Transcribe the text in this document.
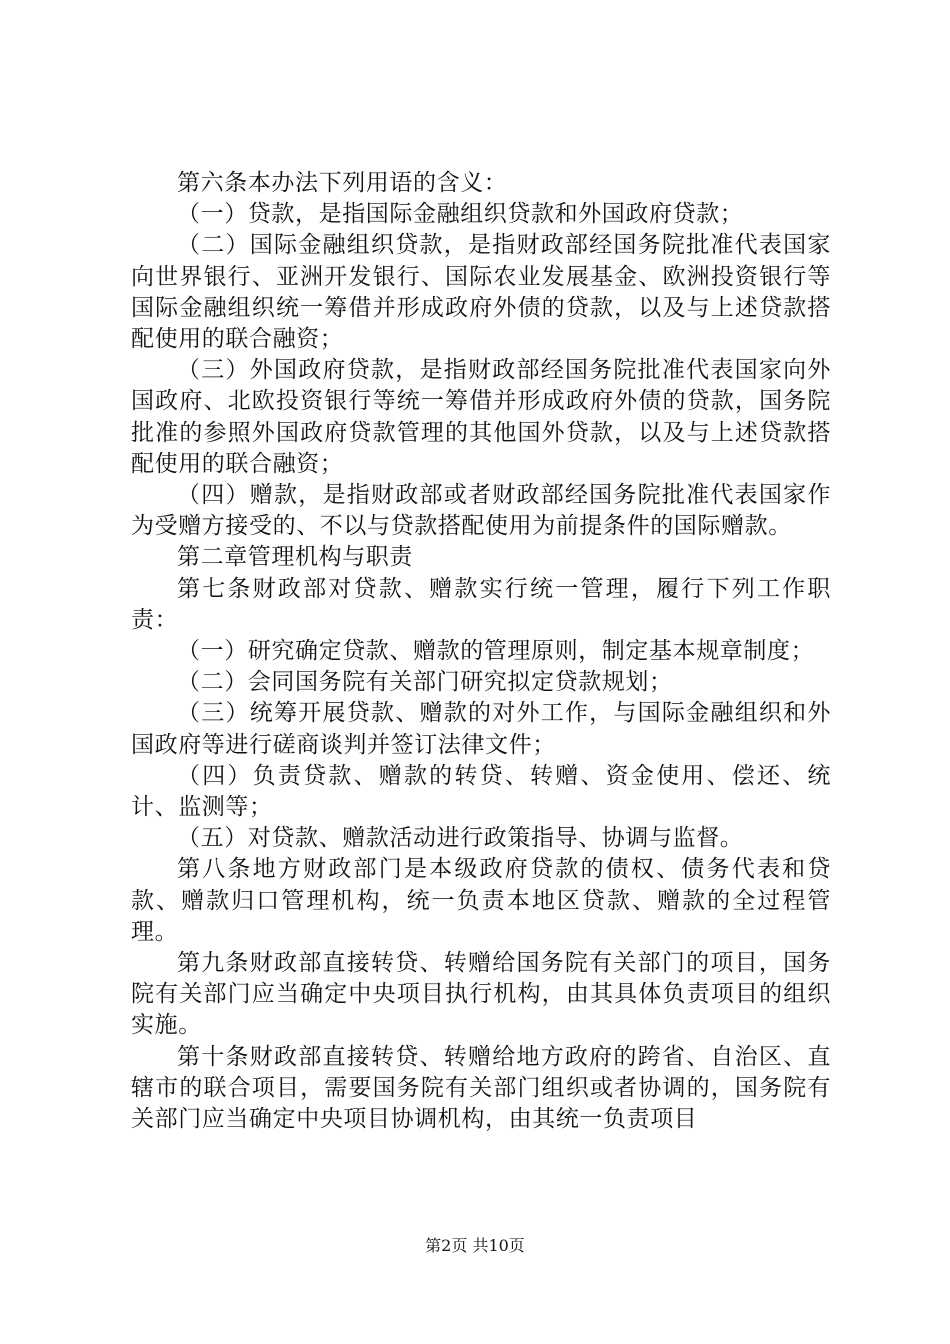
第六条本办法下列用语的含义：

（一）贷款，是指国际金融组织贷款和外国政府贷款；

（二）国际金融组织贷款，是指财政部经国务院批准代表国家向世界银行、亚洲开发银行、国际农业发展基金、欧洲投资银行等国际金融组织统一筹借并形成政府外债的贷款，以及与上述贷款搭配使用的联合融资；

（三）外国政府贷款，是指财政部经国务院批准代表国家向外国政府、北欧投资银行等统一筹借并形成政府外债的贷款，国务院批准的参照外国政府贷款管理的其他国外贷款，以及与上述贷款搭配使用的联合融资；

（四）赠款，是指财政部或者财政部经国务院批准代表国家作为受赠方接受的、不以与贷款搭配使用为前提条件的国际赠款。

第二章管理机构与职责

第七条财政部对贷款、赠款实行统一管理，履行下列工作职责：

（一）研究确定贷款、赠款的管理原则，制定基本规章制度；

（二）会同国务院有关部门研究拟定贷款规划；

（三）统筹开展贷款、赠款的对外工作，与国际金融组织和外国政府等进行磋商谈判并签订法律文件；

（四）负责贷款、赠款的转贷、转赠、资金使用、偿还、统计、监测等；

（五）对贷款、赠款活动进行政策指导、协调与监督。

第八条地方财政部门是本级政府贷款的债权、债务代表和贷款、赠款归口管理机构，统一负责本地区贷款、赠款的全过程管理。

第九条财政部直接转贷、转赠给国务院有关部门的项目，国务院有关部门应当确定中央项目执行机构，由其具体负责项目的组织实施。

第十条财政部直接转贷、转赠给地方政府的跨省、自治区、直辖市的联合项目，需要国务院有关部门组织或者协调的，国务院有关部门应当确定中央项目协调机构，由其统一负责项目

第2页 共10页
